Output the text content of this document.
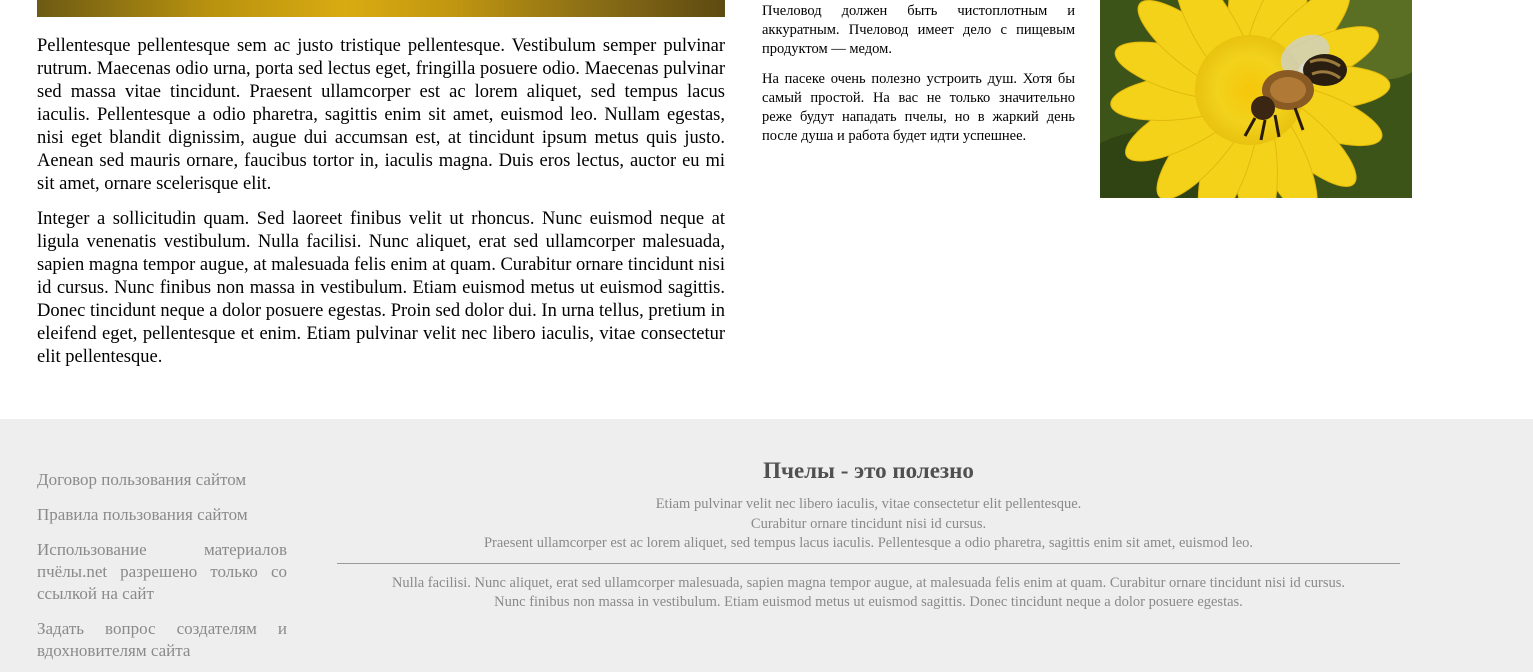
Pellentesque pellentesque sem ac justo tristique pellentesque. Vestibulum semper pulvinar rutrum. Maecenas odio urna, porta sed lectus eget, fringilla posuere odio. Maecenas pulvinar sed massa vitae tincidunt. Praesent ullamcorper est ac lorem aliquet, sed tempus lacus iaculis. Pellentesque a odio pharetra, sagittis enim sit amet, euismod leo. Nullam egestas, nisi eget blandit dignissim, augue dui accumsan est, at tincidunt ipsum metus quis justo. Aenean sed mauris ornare, faucibus tortor in, iaculis magna. Duis eros lectus, auctor eu mi sit amet, ornare scelerisque elit.

Integer a sollicitudin quam. Sed laoreet finibus velit ut rhoncus. Nunc euismod neque at ligula venenatis vestibulum. Nulla facilisi. Nunc aliquet, erat sed ullamcorper malesuada, sapien magna tempor augue, at malesuada felis enim at quam. Curabitur ornare tincidunt nisi id cursus. Nunc finibus non massa in vestibulum. Etiam euismod metus ut euismod sagittis. Donec tincidunt neque a dolor posuere egestas. Proin sed dolor dui. In urna tellus, pretium in eleifend eget, pellentesque et enim. Etiam pulvinar velit nec libero iaculis, vitae consectetur elit pellentesque.

Пчеловод должен быть чистоплотным и аккуратным. Пчеловод имеет дело с пищевым продуктом — медом.

На пасеке очень полезно устроить душ. Хотя бы самый простой. На вас не только значительно реже будут нападать пчелы, но в жаркий день после душа и работа будет идти успешнее.

Договор пользования сайтом
Правила пользования сайтом
Использование материалов пчёлы.net разрешено только со ссылкой на сайт
Задать вопрос создателям и вдохновителям сайта
Пчелы - это полезно
Etiam pulvinar velit nec libero iaculis, vitae consectetur elit pellentesque.
Curabitur ornare tincidunt nisi id cursus.
Praesent ullamcorper est ac lorem aliquet, sed tempus lacus iaculis. Pellentesque a odio pharetra, sagittis enim sit amet, euismod leo.
Nulla facilisi. Nunc aliquet, erat sed ullamcorper malesuada, sapien magna tempor augue, at malesuada felis enim at quam. Curabitur ornare tincidunt nisi id cursus.
Nunc finibus non massa in vestibulum. Etiam euismod metus ut euismod sagittis. Donec tincidunt neque a dolor posuere egestas.
